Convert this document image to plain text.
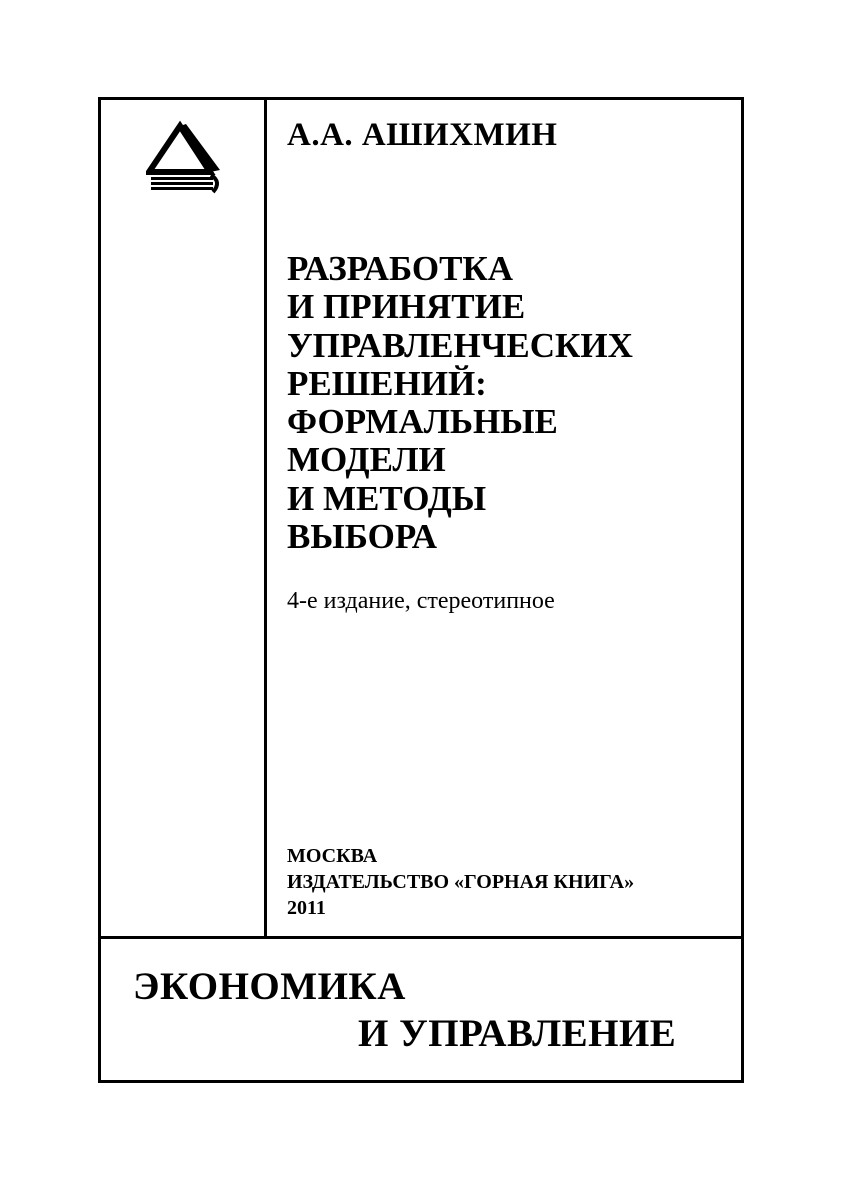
А.А. АШИХМИН
РАЗРАБОТКА
И ПРИНЯТИЕ
УПРАВЛЕНЧЕСКИХ
РЕШЕНИЙ:
ФОРМАЛЬНЫЕ
МОДЕЛИ
И МЕТОДЫ
ВЫБОРА
4-е издание, стереотипное
МОСКВА
ИЗДАТЕЛЬСТВО «ГОРНАЯ КНИГА»
2011
ЭКОНОМИКА
И УПРАВЛЕНИЕ
